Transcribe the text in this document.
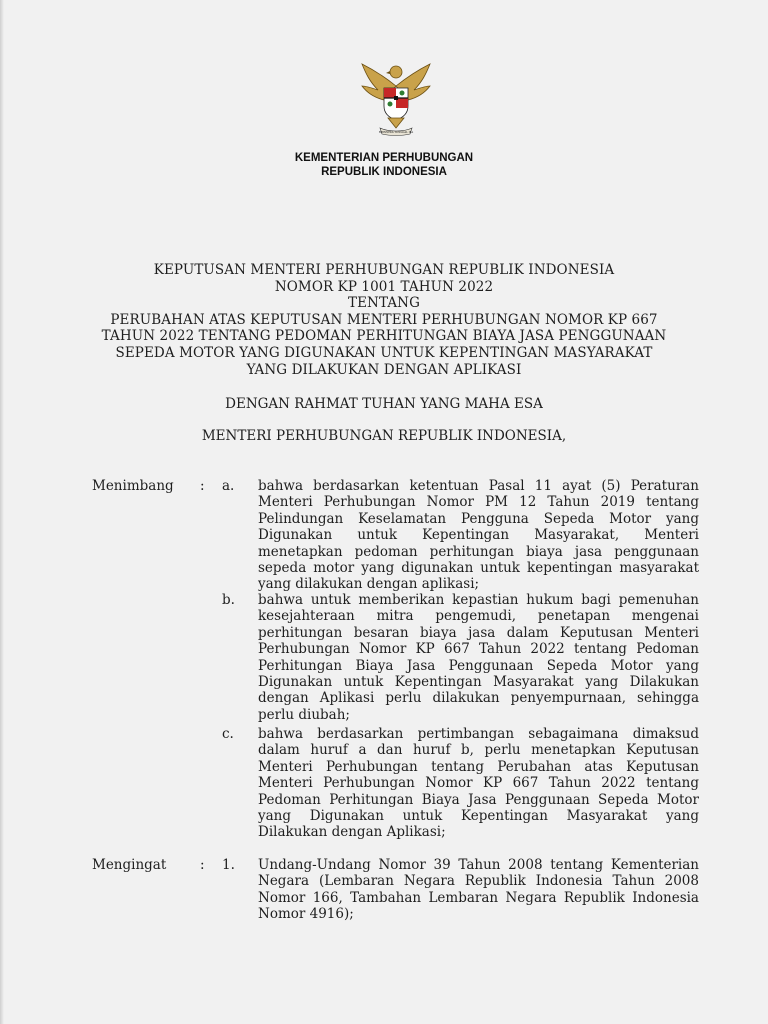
BHINNEKA TUNGGAL IKA
KEMENTERIAN PERHUBUNGAN
REPUBLIK INDONESIA
KEPUTUSAN MENTERI PERHUBUNGAN REPUBLIK INDONESIA
NOMOR KP 1001 TAHUN 2022
TENTANG
PERUBAHAN ATAS KEPUTUSAN MENTERI PERHUBUNGAN NOMOR KP 667
TAHUN 2022 TENTANG PEDOMAN PERHITUNGAN BIAYA JASA PENGGUNAAN
SEPEDA MOTOR YANG DIGUNAKAN UNTUK KEPENTINGAN MASYARAKAT
YANG DILAKUKAN DENGAN APLIKASI
DENGAN RAHMAT TUHAN YANG MAHA ESA
MENTERI PERHUBUNGAN REPUBLIK INDONESIA,
Menimbang : a. bahwa berdasarkan ketentuan Pasal 11 ayat (5) Peraturan Menteri Perhubungan Nomor PM 12 Tahun 2019 tentang Pelindungan Keselamatan Pengguna Sepeda Motor yang Digunakan untuk Kepentingan Masyarakat, Menteri menetapkan pedoman perhitungan biaya jasa penggunaan sepeda motor yang digunakan untuk kepentingan masyarakat yang dilakukan dengan aplikasi;
b. bahwa untuk memberikan kepastian hukum bagi pemenuhan kesejahteraan mitra pengemudi, penetapan mengenai perhitungan besaran biaya jasa dalam Keputusan Menteri Perhubungan Nomor KP 667 Tahun 2022 tentang Pedoman Perhitungan Biaya Jasa Penggunaan Sepeda Motor yang Digunakan untuk Kepentingan Masyarakat yang Dilakukan dengan Aplikasi perlu dilakukan penyempurnaan, sehingga perlu diubah;
c. bahwa berdasarkan pertimbangan sebagaimana dimaksud dalam huruf a dan huruf b, perlu menetapkan Keputusan Menteri Perhubungan tentang Perubahan atas Keputusan Menteri Perhubungan Nomor KP 667 Tahun 2022 tentang Pedoman Perhitungan Biaya Jasa Penggunaan Sepeda Motor yang Digunakan untuk Kepentingan Masyarakat yang Dilakukan dengan Aplikasi;
Mengingat : 1. Undang-Undang Nomor 39 Tahun 2008 tentang Kementerian Negara (Lembaran Negara Republik Indonesia Tahun 2008 Nomor 166, Tambahan Lembaran Negara Republik Indonesia Nomor 4916);
